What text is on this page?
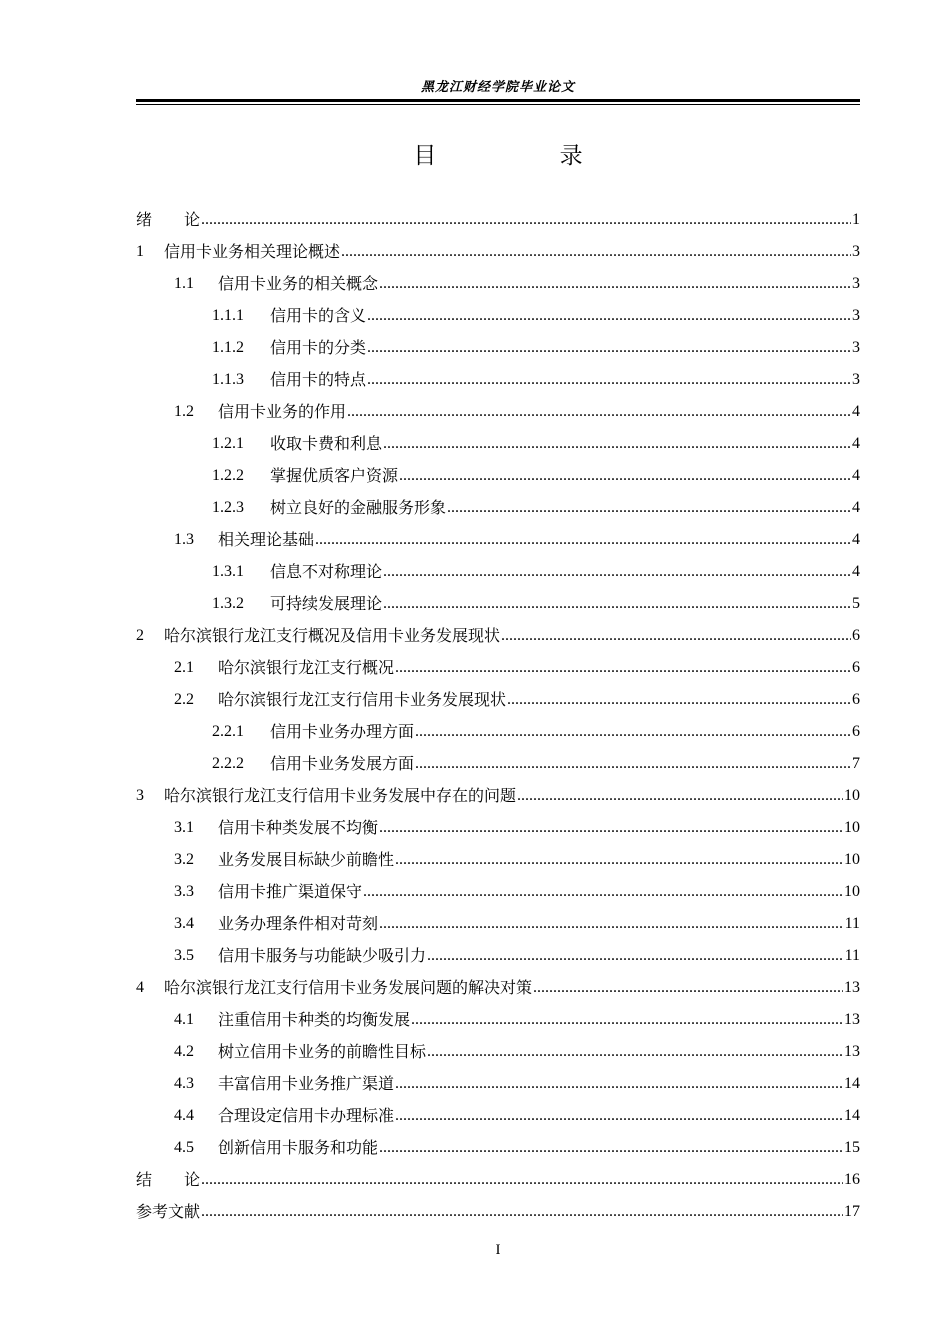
黑龙江财经学院毕业论文
目 录
绪　　论 .....	1
1	信用卡业务相关理论概述 .....	3
1.1	信用卡业务的相关概念 .....	3
1.1.1	信用卡的含义 .....	3
1.1.2	信用卡的分类 .....	3
1.1.3	信用卡的特点 .....	3
1.2	信用卡业务的作用 .....	4
1.2.1	收取卡费和利息 .....	4
1.2.2	掌握优质客户资源 .....	4
1.2.3	树立良好的金融服务形象 .....	4
1.3	相关理论基础 .....	4
1.3.1	信息不对称理论 .....	4
1.3.2	可持续发展理论 .....	5
2	哈尔滨银行龙江支行概况及信用卡业务发展现状 .....	6
2.1	哈尔滨银行龙江支行概况 .....	6
2.2	哈尔滨银行龙江支行信用卡业务发展现状 .....	6
2.2.1	信用卡业务办理方面 .....	6
2.2.2	信用卡业务发展方面 .....	7
3	哈尔滨银行龙江支行信用卡业务发展中存在的问题 .....	10
3.1	信用卡种类发展不均衡 .....	10
3.2	业务发展目标缺少前瞻性 .....	10
3.3	信用卡推广渠道保守 .....	10
3.4	业务办理条件相对苛刻 .....	11
3.5	信用卡服务与功能缺少吸引力 .....	11
4	哈尔滨银行龙江支行信用卡业务发展问题的解决对策 .....	13
4.1	注重信用卡种类的均衡发展 .....	13
4.2	树立信用卡业务的前瞻性目标 .....	13
4.3	丰富信用卡业务推广渠道 .....	14
4.4	合理设定信用卡办理标准 .....	14
4.5	创新信用卡服务和功能 .....	15
结　　论 .....	16
参考文献 .....	17
I
